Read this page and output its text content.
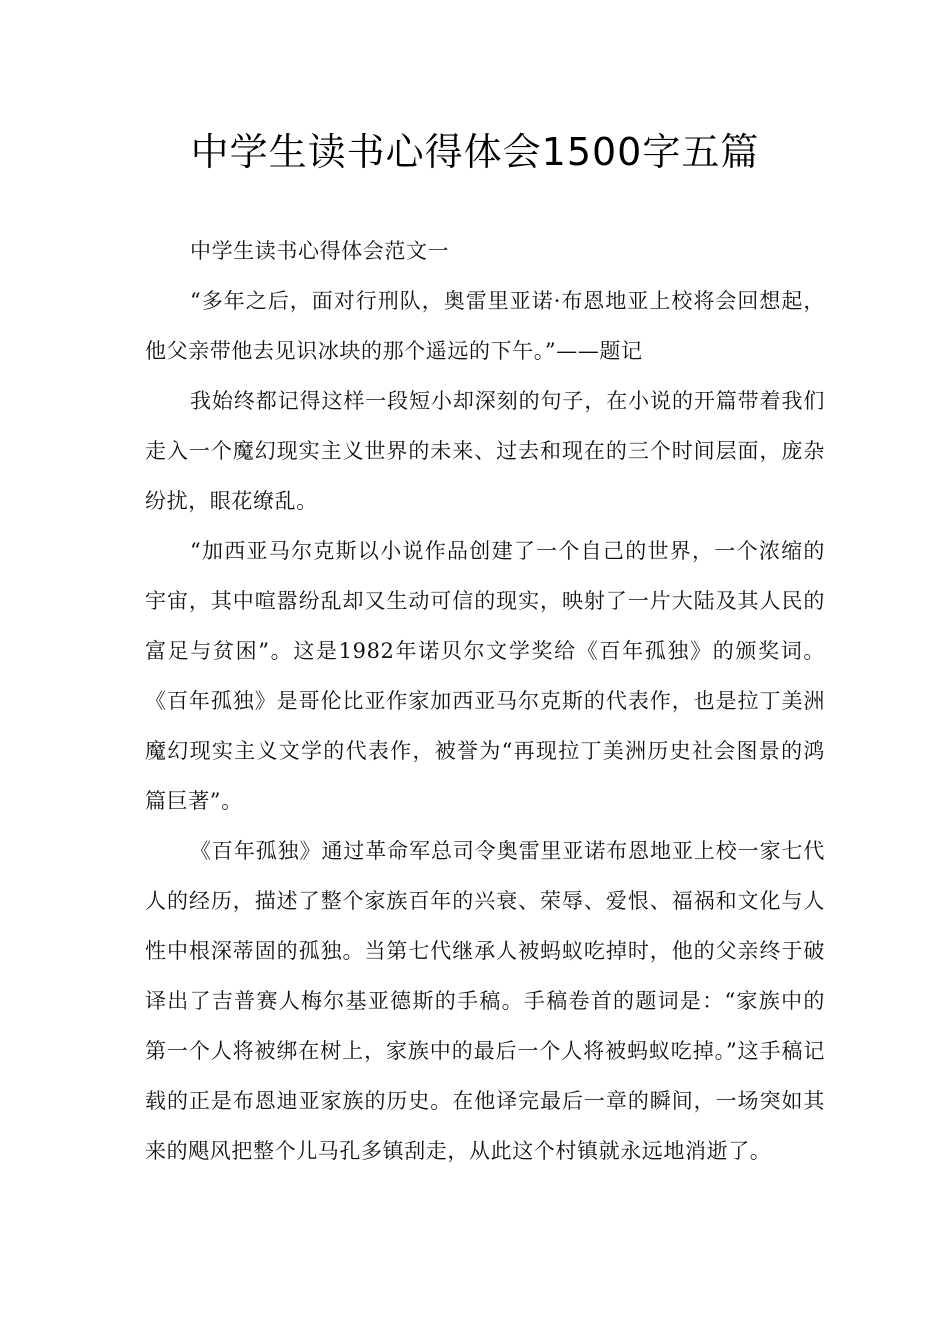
中学生读书心得体会1500字五篇

中学生读书心得体会范文一

“多年之后，面对行刑队，奥雷里亚诺·布恩地亚上校将会回想起，他父亲带他去见识冰块的那个遥远的下午。”——题记

我始终都记得这样一段短小却深刻的句子，在小说的开篇带着我们走入一个魔幻现实主义世界的未来、过去和现在的三个时间层面，庞杂纷扰，眼花缭乱。

“加西亚马尔克斯以小说作品创建了一个自己的世界，一个浓缩的宇宙，其中喧嚣纷乱却又生动可信的现实，映射了一片大陆及其人民的富足与贫困”。这是1982年诺贝尔文学奖给《百年孤独》的颁奖词。《百年孤独》是哥伦比亚作家加西亚马尔克斯的代表作，也是拉丁美洲魔幻现实主义文学的代表作，被誉为“再现拉丁美洲历史社会图景的鸿篇巨著”。

《百年孤独》通过革命军总司令奥雷里亚诺布恩地亚上校一家七代人的经历，描述了整个家族百年的兴衰、荣辱、爱恨、福祸和文化与人性中根深蒂固的孤独。当第七代继承人被蚂蚁吃掉时，他的父亲终于破译出了吉普赛人梅尔基亚德斯的手稿。手稿卷首的题词是：“家族中的第一个人将被绑在树上，家族中的最后一个人将被蚂蚁吃掉。”这手稿记载的正是布恩迪亚家族的历史。在他译完最后一章的瞬间，一场突如其来的飓风把整个儿马孔多镇刮走，从此这个村镇就永远地消逝了。
